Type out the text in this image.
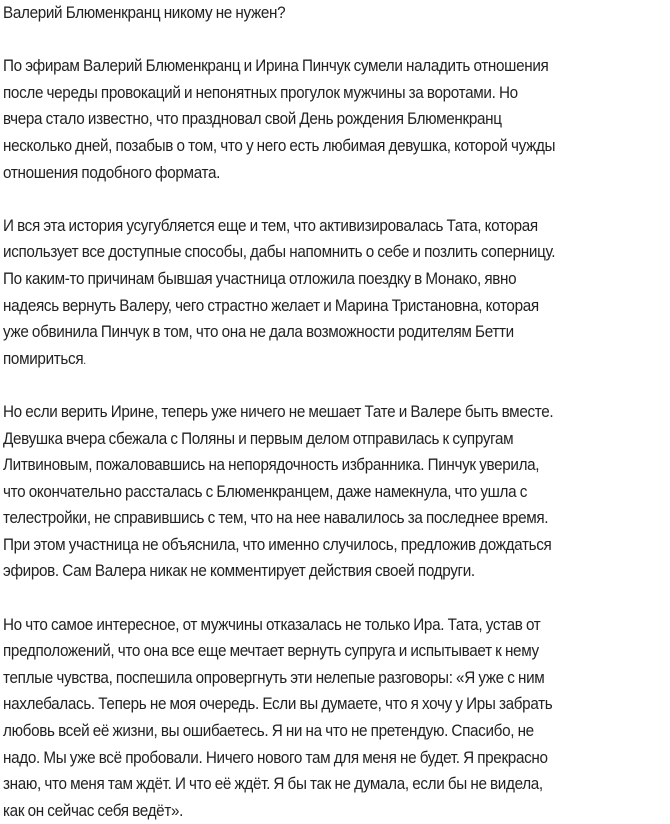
Валерий Блюменкранц никому не нужен?
По эфирам Валерий Блюменкранц и Ирина Пинчук сумели наладить отношения
после череды провокаций и непонятных прогулок мужчины за воротами. Но
вчера стало известно, что праздновал свой День рождения Блюменкранц
несколько дней, позабыв о том, что у него есть любимая девушка, которой чужды
отношения подобного формата.
И вся эта история усугубляется еще и тем, что активизировалась Тата, которая
использует все доступные способы, дабы напомнить о себе и позлить соперницу.
По каким-то причинам бывшая участница отложила поездку в Монако, явно
надеясь вернуть Валеру, чего страстно желает и Марина Тристановна, которая
уже обвинила Пинчук в том, что она не дала возможности родителям Бетти
помириться.
Но если верить Ирине, теперь уже ничего не мешает Тате и Валере быть вместе.
Девушка вчера сбежала с Поляны и первым делом отправилась к супругам
Литвиновым, пожаловавшись на непорядочность избранника. Пинчук уверила,
что окончательно рассталась с Блюменкранцем, даже намекнула, что ушла с
телестройки, не справившись с тем, что на нее навалилось за последнее время.
При этом участница не объяснила, что именно случилось, предложив дождаться
эфиров. Сам Валера никак не комментирует действия своей подруги.
Но что самое интересное, от мужчины отказалась не только Ира. Тата, устав от
предположений, что она все еще мечтает вернуть супруга и испытывает к нему
теплые чувства, поспешила опровергнуть эти нелепые разговоры: «Я уже с ним
нахлебалась. Теперь не моя очередь. Если вы думаете, что я хочу у Иры забрать
любовь всей её жизни, вы ошибаетесь. Я ни на что не претендую. Спасибо, не
надо. Мы уже всё пробовали. Ничего нового там для меня не будет. Я прекрасно
знаю, что меня там ждёт. И что её ждёт. Я бы так не думала, если бы не видела,
как он сейчас себя ведёт».
